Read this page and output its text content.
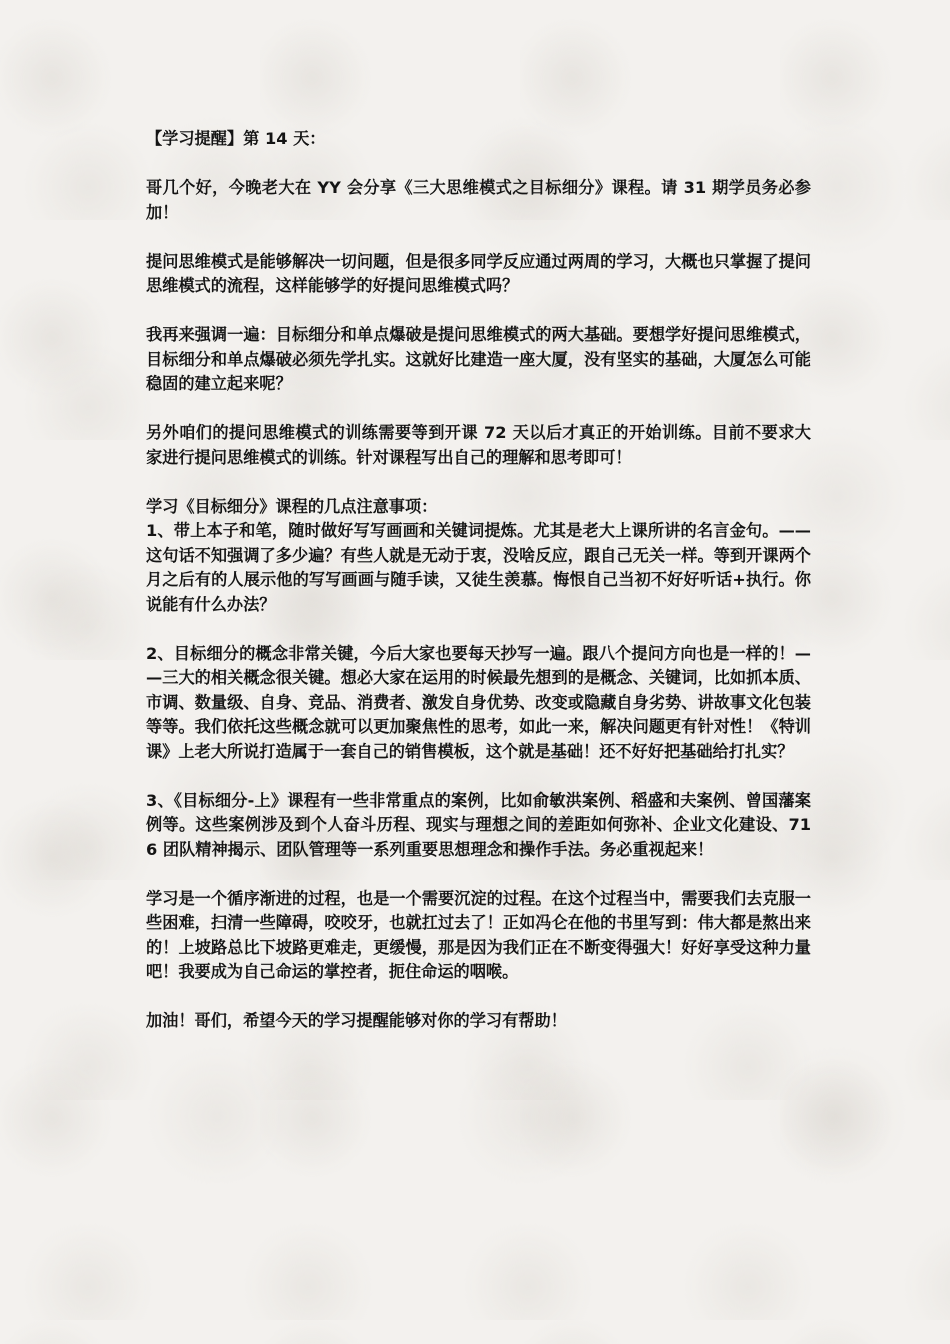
【学习提醒】第 14 天：

哥几个好，今晚老大在 YY 会分享《三大思维模式之目标细分》课程。请 31 期学员务必参加！

提问思维模式是能够解决一切问题，但是很多同学反应通过两周的学习，大概也只掌握了提问思维模式的流程，这样能够学的好提问思维模式吗？

我再来强调一遍：目标细分和单点爆破是提问思维模式的两大基础。要想学好提问思维模式，目标细分和单点爆破必须先学扎实。这就好比建造一座大厦，没有坚实的基础，大厦怎么可能稳固的建立起来呢？

另外咱们的提问思维模式的训练需要等到开课 72 天以后才真正的开始训练。目前不要求大家进行提问思维模式的训练。针对课程写出自己的理解和思考即可！

学习《目标细分》课程的几点注意事项：

1、带上本子和笔，随时做好写写画画和关键词提炼。尤其是老大上课所讲的名言金句。——这句话不知强调了多少遍？有些人就是无动于衷，没啥反应，跟自己无关一样。等到开课两个月之后有的人展示他的写写画画与随手读，又徒生羡慕。悔恨自己当初不好好听话+执行。你说能有什么办法？

2、目标细分的概念非常关键，今后大家也要每天抄写一遍。跟八个提问方向也是一样的！——三大的相关概念很关键。想必大家在运用的时候最先想到的是概念、关键词，比如抓本质、市调、数量级、自身、竞品、消费者、激发自身优势、改变或隐藏自身劣势、讲故事文化包装等等。我们依托这些概念就可以更加聚焦性的思考，如此一来，解决问题更有针对性！《特训课》上老大所说打造属于一套自己的销售模板，这个就是基础！还不好好把基础给打扎实？

3、《目标细分-上》课程有一些非常重点的案例，比如俞敏洪案例、稻盛和夫案例、曾国藩案例等。这些案例涉及到个人奋斗历程、现实与理想之间的差距如何弥补、企业文化建设、716 团队精神揭示、团队管理等一系列重要思想理念和操作手法。务必重视起来！

学习是一个循序渐进的过程，也是一个需要沉淀的过程。在这个过程当中，需要我们去克服一些困难，扫清一些障碍，咬咬牙，也就扛过去了！正如冯仑在他的书里写到：伟大都是熬出来的！上坡路总比下坡路更难走，更缓慢，那是因为我们正在不断变得强大！好好享受这种力量吧！我要成为自己命运的掌控者，扼住命运的咽喉。

加油！哥们，希望今天的学习提醒能够对你的学习有帮助！
